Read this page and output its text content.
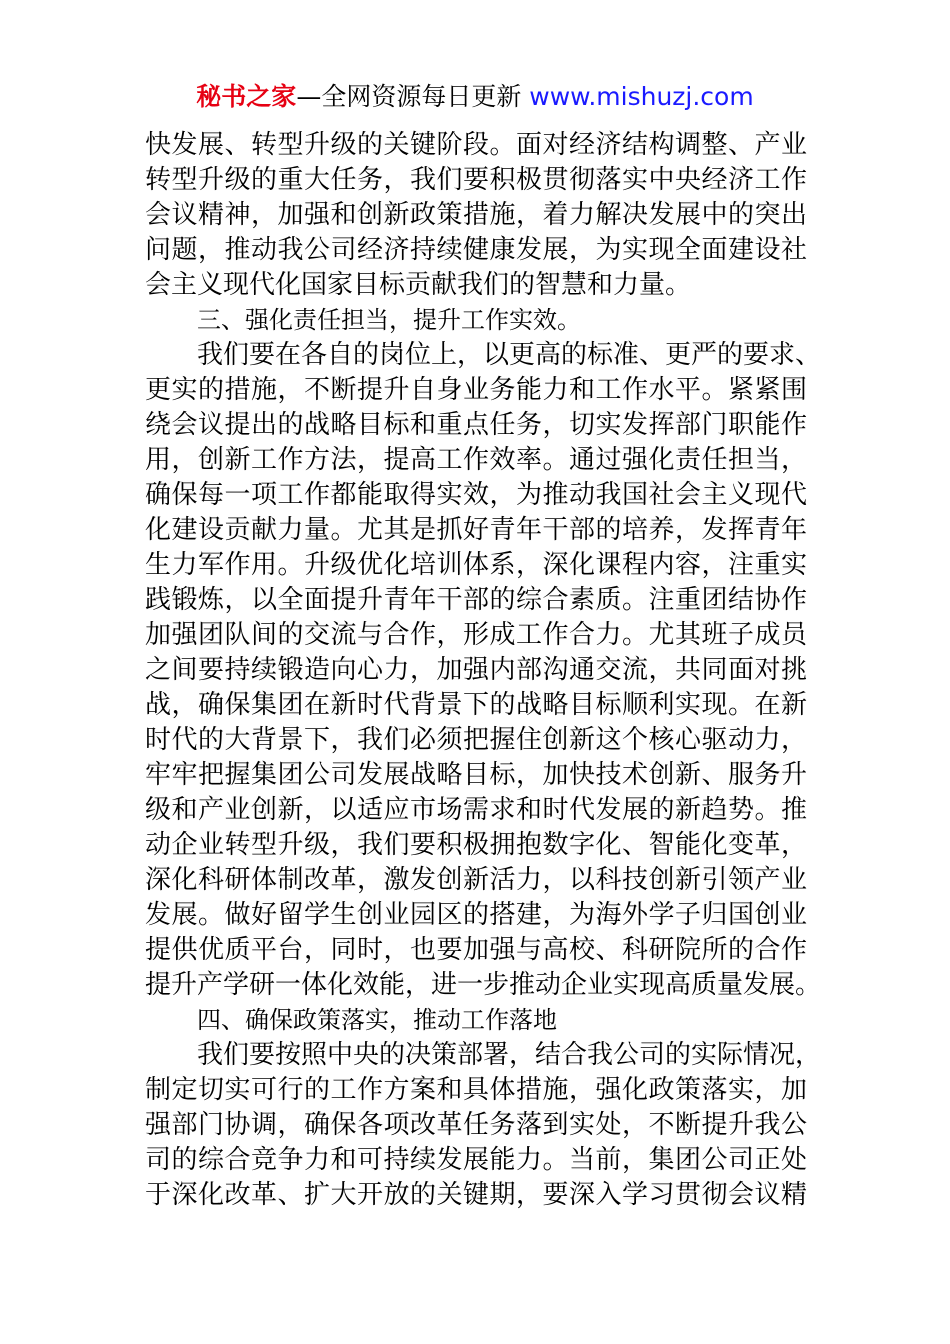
秘书之家—全网资源每日更新 www.mishuzj.com
快发展、转型升级的关键阶段。面对经济结构调整、产业
转型升级的重大任务，我们要积极贯彻落实中央经济工作
会议精神，加强和创新政策措施，着力解决发展中的突出
问题，推动我公司经济持续健康发展，为实现全面建设社
会主义现代化国家目标贡献我们的智慧和力量。
三、强化责任担当，提升工作实效。
我们要在各自的岗位上，以更高的标准、更严的要求、
更实的措施，不断提升自身业务能力和工作水平。紧紧围
绕会议提出的战略目标和重点任务，切实发挥部门职能作
用，创新工作方法，提高工作效率。通过强化责任担当，
确保每一项工作都能取得实效，为推动我国社会主义现代
化建设贡献力量。尤其是抓好青年干部的培养，发挥青年
生力军作用。升级优化培训体系，深化课程内容，注重实
践锻炼，以全面提升青年干部的综合素质。注重团结协作
加强团队间的交流与合作，形成工作合力。尤其班子成员
之间要持续锻造向心力，加强内部沟通交流，共同面对挑
战，确保集团在新时代背景下的战略目标顺利实现。在新
时代的大背景下，我们必须把握住创新这个核心驱动力，
牢牢把握集团公司发展战略目标，加快技术创新、服务升
级和产业创新，以适应市场需求和时代发展的新趋势。推
动企业转型升级，我们要积极拥抱数字化、智能化变革，
深化科研体制改革，激发创新活力，以科技创新引领产业
发展。做好留学生创业园区的搭建，为海外学子归国创业
提供优质平台，同时，也要加强与高校、科研院所的合作
提升产学研一体化效能，进一步推动企业实现高质量发展。
四、确保政策落实，推动工作落地
我们要按照中央的决策部署，结合我公司的实际情况，
制定切实可行的工作方案和具体措施，强化政策落实，加
强部门协调，确保各项改革任务落到实处，不断提升我公
司的综合竞争力和可持续发展能力。当前，集团公司正处
于深化改革、扩大开放的关键期，要深入学习贯彻会议精
